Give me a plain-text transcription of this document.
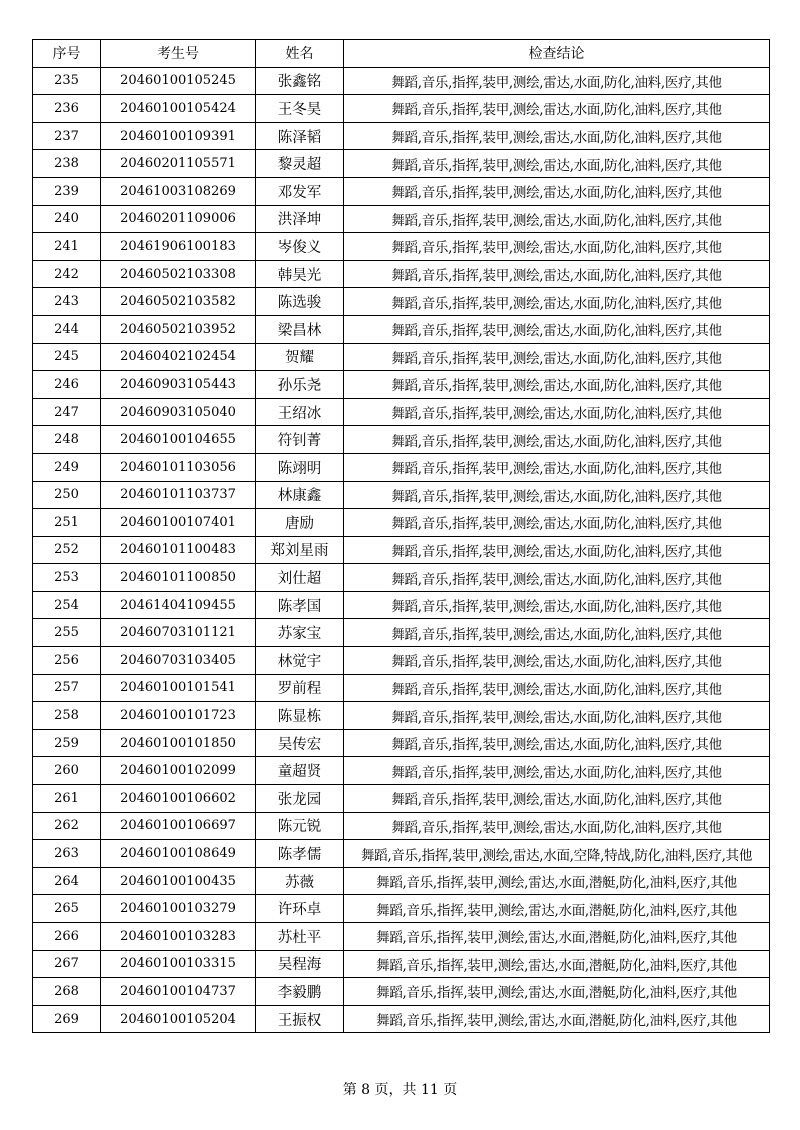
序号	考生号	姓名	检查结论
235	20460100105245	张鑫铭	舞蹈,音乐,指挥,装甲,测绘,雷达,水面,防化,油料,医疗,其他
236	20460100105424	王冬昊	舞蹈,音乐,指挥,装甲,测绘,雷达,水面,防化,油料,医疗,其他
237	20460100109391	陈泽韬	舞蹈,音乐,指挥,装甲,测绘,雷达,水面,防化,油料,医疗,其他
238	20460201105571	黎灵超	舞蹈,音乐,指挥,装甲,测绘,雷达,水面,防化,油料,医疗,其他
239	20461003108269	邓发军	舞蹈,音乐,指挥,装甲,测绘,雷达,水面,防化,油料,医疗,其他
240	20460201109006	洪泽坤	舞蹈,音乐,指挥,装甲,测绘,雷达,水面,防化,油料,医疗,其他
241	20461906100183	岑俊义	舞蹈,音乐,指挥,装甲,测绘,雷达,水面,防化,油料,医疗,其他
242	20460502103308	韩昊光	舞蹈,音乐,指挥,装甲,测绘,雷达,水面,防化,油料,医疗,其他
243	20460502103582	陈选骏	舞蹈,音乐,指挥,装甲,测绘,雷达,水面,防化,油料,医疗,其他
244	20460502103952	梁昌林	舞蹈,音乐,指挥,装甲,测绘,雷达,水面,防化,油料,医疗,其他
245	20460402102454	贺耀	舞蹈,音乐,指挥,装甲,测绘,雷达,水面,防化,油料,医疗,其他
246	20460903105443	孙乐尧	舞蹈,音乐,指挥,装甲,测绘,雷达,水面,防化,油料,医疗,其他
247	20460903105040	王绍冰	舞蹈,音乐,指挥,装甲,测绘,雷达,水面,防化,油料,医疗,其他
248	20460100104655	符钊菁	舞蹈,音乐,指挥,装甲,测绘,雷达,水面,防化,油料,医疗,其他
249	20460101103056	陈翊明	舞蹈,音乐,指挥,装甲,测绘,雷达,水面,防化,油料,医疗,其他
250	20460101103737	林康鑫	舞蹈,音乐,指挥,装甲,测绘,雷达,水面,防化,油料,医疗,其他
251	20460100107401	唐励	舞蹈,音乐,指挥,装甲,测绘,雷达,水面,防化,油料,医疗,其他
252	20460101100483	郑刘星雨	舞蹈,音乐,指挥,装甲,测绘,雷达,水面,防化,油料,医疗,其他
253	20460101100850	刘仕超	舞蹈,音乐,指挥,装甲,测绘,雷达,水面,防化,油料,医疗,其他
254	20461404109455	陈孝国	舞蹈,音乐,指挥,装甲,测绘,雷达,水面,防化,油料,医疗,其他
255	20460703101121	苏家宝	舞蹈,音乐,指挥,装甲,测绘,雷达,水面,防化,油料,医疗,其他
256	20460703103405	林觉宇	舞蹈,音乐,指挥,装甲,测绘,雷达,水面,防化,油料,医疗,其他
257	20460100101541	罗前程	舞蹈,音乐,指挥,装甲,测绘,雷达,水面,防化,油料,医疗,其他
258	20460100101723	陈显栋	舞蹈,音乐,指挥,装甲,测绘,雷达,水面,防化,油料,医疗,其他
259	20460100101850	吴传宏	舞蹈,音乐,指挥,装甲,测绘,雷达,水面,防化,油料,医疗,其他
260	20460100102099	童超贤	舞蹈,音乐,指挥,装甲,测绘,雷达,水面,防化,油料,医疗,其他
261	20460100106602	张龙园	舞蹈,音乐,指挥,装甲,测绘,雷达,水面,防化,油料,医疗,其他
262	20460100106697	陈元锐	舞蹈,音乐,指挥,装甲,测绘,雷达,水面,防化,油料,医疗,其他
263	20460100108649	陈孝儒	舞蹈,音乐,指挥,装甲,测绘,雷达,水面,空降,特战,防化,油料,医疗,其他
264	20460100100435	苏薇	舞蹈,音乐,指挥,装甲,测绘,雷达,水面,潜艇,防化,油料,医疗,其他
265	20460100103279	许环卓	舞蹈,音乐,指挥,装甲,测绘,雷达,水面,潜艇,防化,油料,医疗,其他
266	20460100103283	苏杜平	舞蹈,音乐,指挥,装甲,测绘,雷达,水面,潜艇,防化,油料,医疗,其他
267	20460100103315	吴程海	舞蹈,音乐,指挥,装甲,测绘,雷达,水面,潜艇,防化,油料,医疗,其他
268	20460100104737	李毅鹏	舞蹈,音乐,指挥,装甲,测绘,雷达,水面,潜艇,防化,油料,医疗,其他
269	20460100105204	王振权	舞蹈,音乐,指挥,装甲,测绘,雷达,水面,潜艇,防化,油料,医疗,其他
第 8 页，共 11 页
